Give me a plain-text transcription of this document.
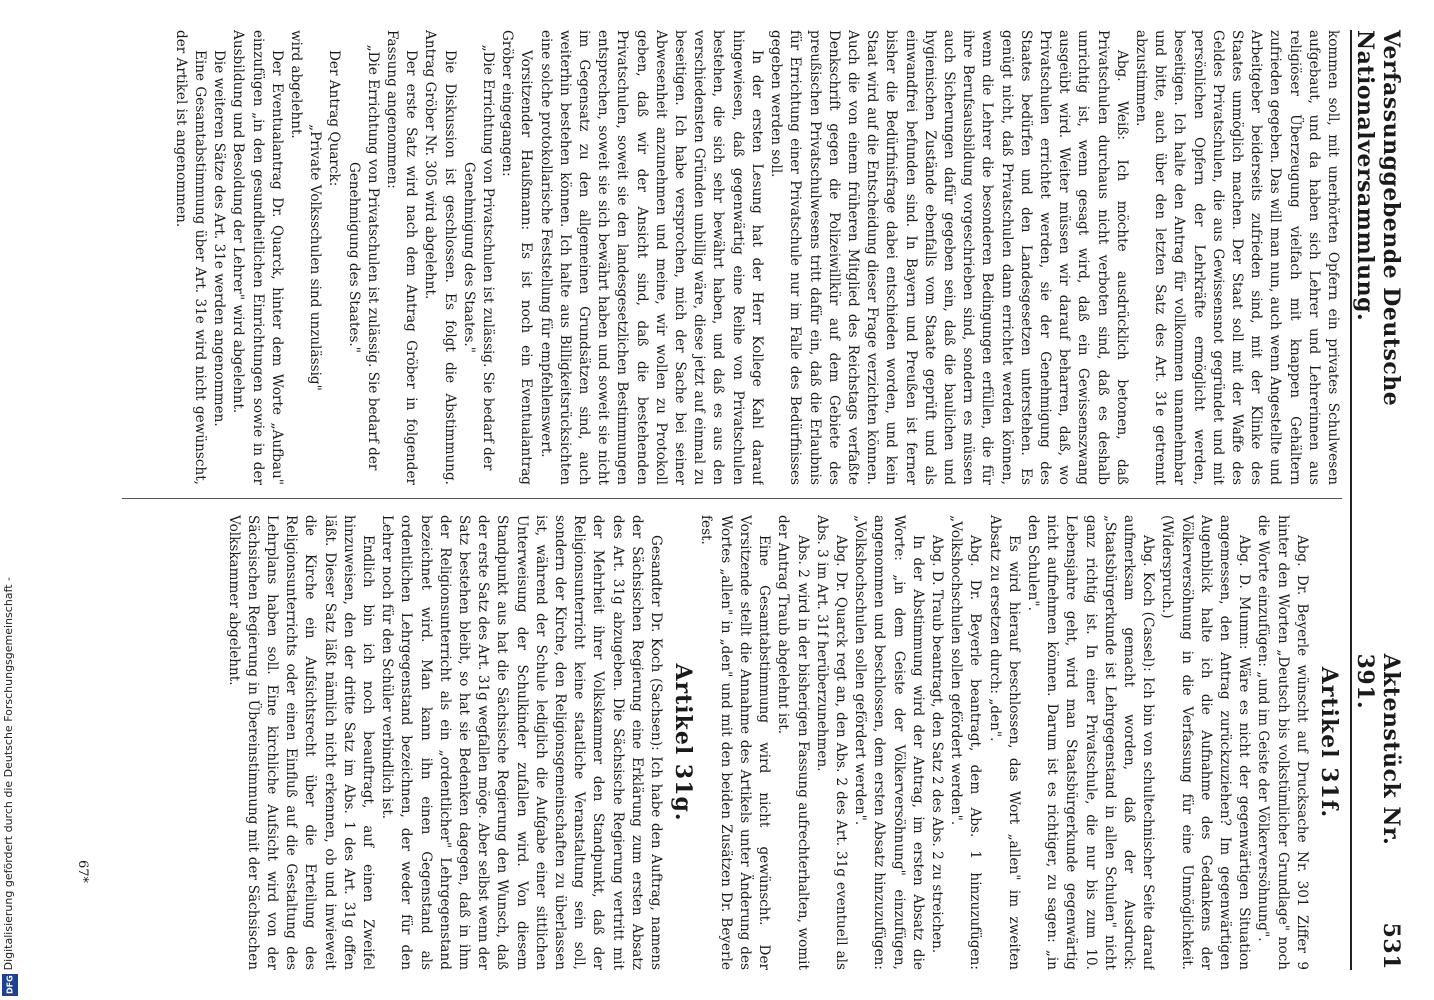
Verfassunggebende Deutsche Nationalversammlung.
Aktenstück Nr. 391.
531

kommen soll, mit unerhörten Opfern ein privates Schulwesen aufgebaut, und da haben sich Lehrer und Lehrerinnen aus religiöser Überzeugung vielfach mit knappen Gehältern zufrieden gegeben. Das will man nun, auch wenn Angestellte und Arbeitgeber beiderseits zufrieden sind, mit der Klinke des Staates unmöglich machen. Der Staat soll mit der Waffe des Geldes Privatschulen, die aus Gewissensnot gegründet und mit persönlichen Opfern der Lehrkräfte ermöglicht werden, beseitigen. Ich halte den Antrag für vollkommen unannehmbar und bitte, auch über den letzten Satz des Art. 31e getrennt abzustimmen.

Abg. Weiß: Ich möchte ausdrücklich betonen, daß Privatschulen durchaus nicht verboten sind, daß es deshalb unrichtig ist, wenn gesagt wird, daß ein Gewissenszwang ausgeübt wird. Weiter müssen wir darauf beharren, daß, wo Privatschulen errichtet werden, sie der Genehmigung des Staates bedürfen und den Landesgesetzen unterstehen. Es genügt nicht, daß Privatschulen dann errichtet werden können, wenn die Lehrer die besonderen Bedingungen erfüllen, die für ihre Berufsausbildung vorgeschrieben sind, sondern es müssen auch Sicherungen dafür gegeben sein, daß die baulichen und hygienischen Zustände ebenfalls vom Staate geprüft und als einwandfrei befunden sind. In Bayern und Preußen ist ferner bisher die Bedürfnisfrage dabei entschieden worden, und kein Staat wird auf die Entscheidung dieser Frage verzichten können. Auch die von einem früheren Mitglied des Reichstags verfaßte Denkschrift gegen die Polizeiwillkür auf dem Gebiete des preußischen Privatschulwesens tritt dafür ein, daß die Erlaubnis für Errichtung einer Privatschule nur im Falle des Bedürfnisses gegeben werden soll.

In der ersten Lesung hat der Herr Kollege Kahl darauf hingewiesen, daß gegenwärtig eine Reihe von Privatschulen bestehen, die sich sehr bewährt haben, und daß es aus den verschiedensten Gründen unbillig wäre, diese jetzt auf einmal zu beseitigen. Ich habe versprochen, mich der Sache bei seiner Abwesenheit anzunehmen und meine, wir wollen zu Protokoll geben, daß wir der Ansicht sind, daß die bestehenden Privatschulen, soweit sie den landesgesetzlichen Bestimmungen entsprechen, soweit sie sich bewährt haben und soweit sie nicht im Gegensatz zu den allgemeinen Grundsätzen sind, auch weiterhin bestehen können. Ich halte aus Billigkeitsrücksichten eine solche protokollarische Feststellung für empfehlenswert.

Vorsitzender Haußmann: Es ist noch ein Eventualantrag Gröber eingegangen:

„Die Errichtung von Privatschulen ist zulässig. Sie bedarf der Genehmigung des Staates."

Die Diskussion ist geschlossen. Es folgt die Abstimmung. Antrag Gröber Nr. 305 wird abgelehnt.

Der erste Satz wird nach dem Antrag Gröber in folgender Fassung angenommen:

„Die Errichtung von Privatschulen ist zulässig. Sie bedarf der Genehmigung des Staates."

Der Antrag Quarck:

„Private Volksschulen sind unzulässig"

wird abgelehnt.

Der Eventualantrag Dr. Quarck, hinter dem Worte „Aufbau" einzufügen „in den gesundheitlichen Einrichtungen sowie in der Ausbildung und Besoldung der Lehrer" wird abgelehnt.

Die weiteren Sätze des Art. 31e werden angenommen.

Eine Gesamtabstimmung über Art. 31e wird nicht gewünscht, der Artikel ist angenommen.

Artikel 31f.

Abg. Dr. Beyerle wünscht auf Drucksache Nr. 301 Ziffer 9 hinter den Worten „Deutsch bis volkstümlicher Grundlage" noch die Worte einzufügen: „und im Geiste der Völkerversöhnung".

Abg. D. Mumm: Wäre es nicht der gegenwärtigen Situation angemessen, den Antrag zurückzuziehen? Im gegenwärtigen Augenblick halte ich die Aufnahme des Gedankens der Völkerversöhnung in die Verfassung für eine Unmöglichkeit. (Widerspruch.)

Abg. Koch (Cassel): Ich bin von schultechnischer Seite darauf aufmerksam gemacht worden, daß der Ausdruck: „Staatsbürgerkunde ist Lehrgegenstand in allen Schulen" nicht ganz richtig ist. In einer Privatschule, die nur bis zum 10. Lebensjahre geht, wird man Staatsbürgerkunde gegenwärtig nicht aufnehmen können. Darum ist es richtiger, zu sagen: „in den Schulen".

Es wird hierauf beschlossen, das Wort „allen" im zweiten Absatz zu ersetzen durch: „den".

Abg. Dr. Beyerle beantragt, dem Abs. 1 hinzuzufügen: „Volkshochschulen sollen gefördert werden".

Abg. D. Traub beantragt, den Satz 2 des Abs. 2 zu streichen.

In der Abstimmung wird der Antrag, im ersten Absatz die Worte: „in dem Geiste der Völkerversöhnung" einzufügen, angenommen und beschlossen, dem ersten Absatz hinzuzufügen: „Volkshochschulen sollen gefördert werden".

Abg. Dr. Quarck regt an, den Abs. 2 des Art. 31g eventuell als Abs. 3 im Art. 31f herüberzunehmen.

Abs. 2 wird in der bisherigen Fassung aufrechterhalten, womit der Antrag Traub abgelehnt ist.

Eine Gesamtabstimmung wird nicht gewünscht. Der Vorsitzende stellt die Annahme des Artikels unter Änderung des Wortes „allen" in „den" und mit den beiden Zusätzen Dr. Beyerle fest.

Artikel 31g.

Gesandter Dr. Koch (Sachsen): Ich habe den Auftrag, namens der Sächsischen Regierung eine Erklärung zum ersten Absatz des Art. 31g abzugeben. Die Sächsische Regierung vertritt mit der Mehrheit ihrer Volkskammer den Standpunkt, daß der Religionsunterricht keine staatliche Veranstaltung sein soll, sondern der Kirche, den Religionsgemeinschaften zu überlassen ist, während der Schule lediglich die Aufgabe einer sittlichen Unterweisung der Schulkinder zufallen wird. Von diesem Standpunkt aus hat die Sächsische Regierung den Wunsch, daß der erste Satz des Art. 31g wegfallen möge. Aber selbst wenn der Satz bestehen bleibt, so hat sie Bedenken dagegen, daß in ihm der Religionsunterricht als ein „ordentlicher" Lehrgegenstand bezeichnet wird. Man kann ihn einen Gegenstand als ordentlichen Lehrgegenstand bezeichnen, der weder für den Lehrer noch für den Schüler verbindlich ist.

Endlich bin ich noch beauftragt, auf einen Zweifel hinzuweisen, den der dritte Satz im Abs. 1 des Art. 31g offen läßt. Dieser Satz läßt nämlich nicht erkennen, ob und inwieweit die Kirche ein Aufsichtsrecht über die Erteilung des Religionsunterrichts oder einen Einfluß auf die Gestaltung des Lehrplans haben soll. Eine kirchliche Aufsicht wird von der Sächsischen Regierung in Übereinstimmung mit der Sächsischen Volkskammer abgelehnt.

67*
Digitalisierung gefördert durch die Deutsche Forschungsgemeinschaft -
DFG
